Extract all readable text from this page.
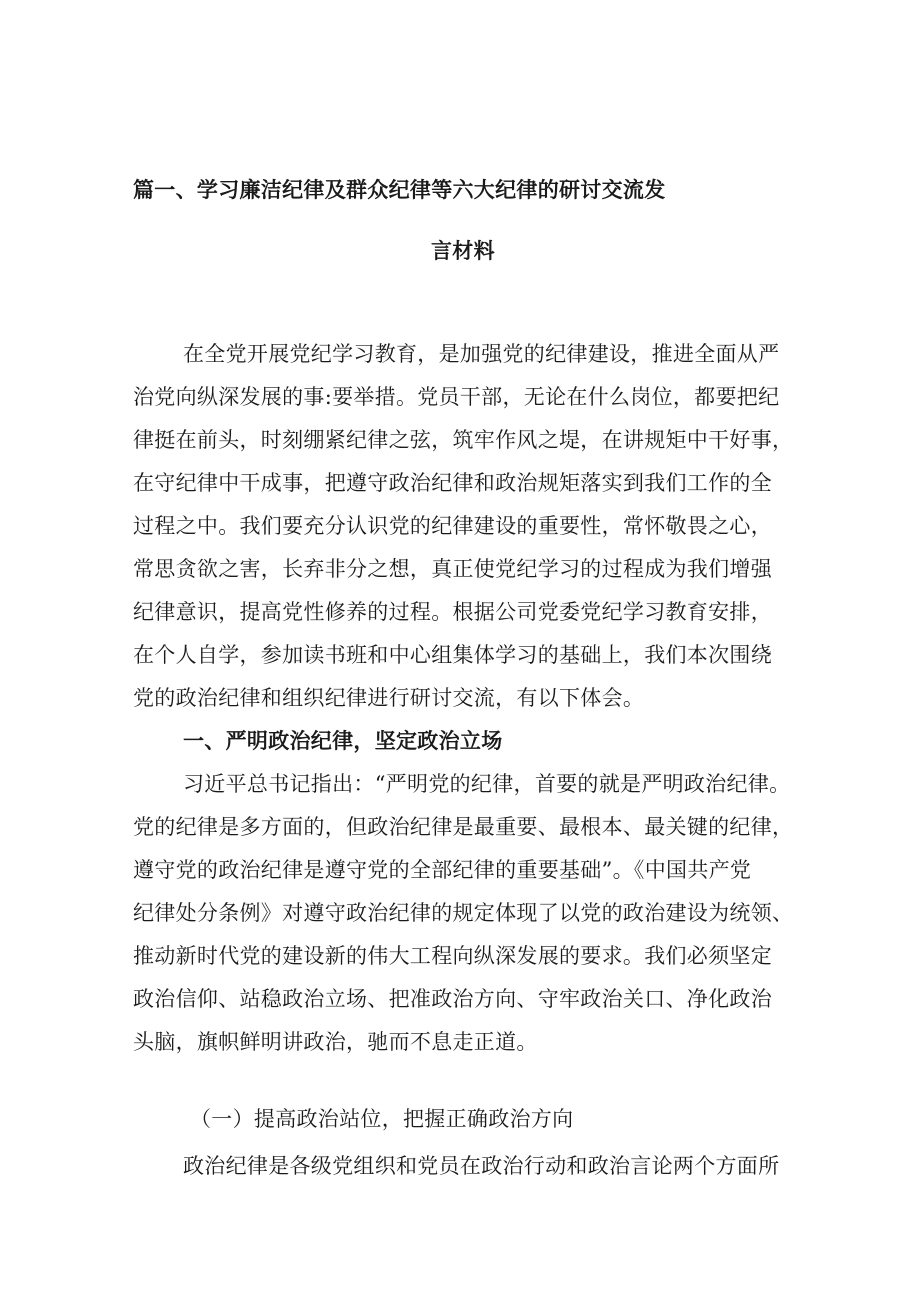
篇一、学习廉洁纪律及群众纪律等六大纪律的研讨交流发
言材料
在全党开展党纪学习教育，是加强党的纪律建设，推进全面从严
治党向纵深发展的事:要举措。党员干部，无论在什么岗位，都要把纪
律挺在前头，时刻绷紧纪律之弦，筑牢作风之堤，在讲规矩中干好事，
在守纪律中干成事，把遵守政治纪律和政治规矩落实到我们工作的全
过程之中。我们要充分认识党的纪律建设的重要性，常怀敬畏之心，
常思贪欲之害，长弃非分之想，真正使党纪学习的过程成为我们增强
纪律意识，提高党性修养的过程。根据公司党委党纪学习教育安排，
在个人自学，参加读书班和中心组集体学习的基础上，我们本次围绕
党的政治纪律和组织纪律进行研讨交流，有以下体会。
一、严明政治纪律，坚定政治立场
习近平总书记指出：“严明党的纪律，首要的就是严明政治纪律。
党的纪律是多方面的，但政治纪律是最重要、最根本、最关键的纪律，
遵守党的政治纪律是遵守党的全部纪律的重要基础”。《中国共产党
纪律处分条例》对遵守政治纪律的规定体现了以党的政治建设为统领、
推动新时代党的建设新的伟大工程向纵深发展的要求。我们必须坚定
政治信仰、站稳政治立场、把准政治方向、守牢政治关口、净化政治
头脑，旗帜鲜明讲政治，驰而不息走正道。
（一）提高政治站位，把握正确政治方向
政治纪律是各级党组织和党员在政治行动和政治言论两个方面所
